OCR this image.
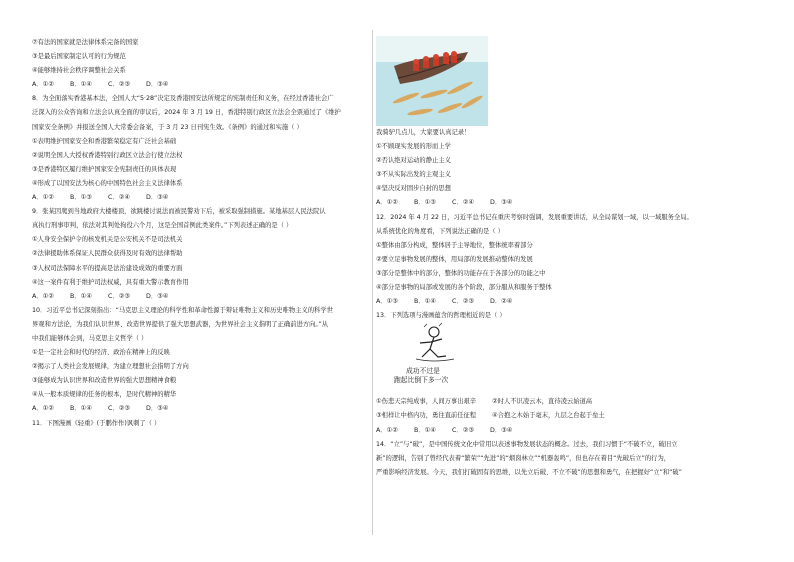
⑦有法的国家就是法律体系完备的国家
③是最后国家制定认可的行为规范
④能够维持社会秩序调整社会关系
A．①②	B．①④	C．②③	D．③④
8．为全面落实香港基本法，全国人大“5·28”决定及香港国安法所规定的宪制责任和义务，在经过香港社会广
泛深入的公众咨询和立法会认真全面的审议后，2024 年 3 月 19 日，香港特别行政区立法会全票通过了《维护
国家安全条例》并报送全国人大常委会备案，于 3 月 23 日刊宪生效。《条例》的通过和实施（ ）
①表明维护国家安全和香港繁荣稳定有广泛社会基础
②说明全国人大授权香港特别行政区立法会行使立法权
③是香港特区履行维护国家安全宪制责任的具体表现
④形成了以国安法为核心的中国特色社会主义法律体系
A．①②	B．①③	C．②④	D．③④
9．张某因爬到当地政府大楼楼顶，欲跳楼讨说法而被民警劝下后，被采取强制措施。某地基层人民法院认
真执行刑事审判，依法对其判处拘役六个月，这是全国首例此类案件。”下列表述正确的是（ ）
①人身安全保护令的核发机关是公安机关不是司法机关
②法律援助体系保证人民群众获得及时有效的法律帮助
③人权司法保障水平的提高是法治建设成效的重要方面
④这一案件有利于维护司法权威，具有重大警示教育作用
A．①②	B．①④	C．②③	D．③④
10．习近平总书记深刻指出：“马克思主义理论的科学性和革命性源于辩证唯物主义和历史唯物主义的科学世
界观和方法论，为我们认识世界、改造世界提供了强大思想武器，为世界社会主义指明了正确前进方向。”从
中我们能够体会到，马克思主义哲学（ ）
①是一定社会和时代的经济、政治在精神上的反映
②揭示了人类社会发展规律，为建立理想社会指明了方向
③能够成为认识世界和改造世界的强大思想精神食粮
④从一般本质规律的任务的根本，是时代精神的精华
A．①②	B．①④	C．②③	D．③④
11．下图漫画《轻重》(于鹏作作)讽刺了（ ）
我骑驴几点儿，大家要认真记录！
①不顾现实发展的形而上学
②否认绝对运动的静止主义
③不从实际出发的主观主义
④坚决反对固步自封的思想
A．①②	B．①③	C．②④	D．③④
12．2024 年 4 月 22 日，习近平总书记在重庆考察时强调，发展重要讲话，从全局谋划一域，以一域服务全局。
从系统优化的角度看，下列说法正确的是（ ）
①整体由部分构成，整体居于主导地位，整体统率着部分
②要立足事物发展的整体，用局部的发展推动整体的发展
③部分是整体中的部分，整体的功能存在于各部分的功能之中
④部分是事物的局部或发展的各个阶段，部分服从和服务于整体
A．①③	B．①④	C．②③	D．②④
13．下列选项与漫画蕴含的哲理相近的是（ ）
成功不过是
跑起比倒下多一次
①伤悲天宗纯成事，人间万事出艰辛	②时人不识凌云木，直待凌云始道高
③相样让中格内功，勇往直前任征程	④合抱之木始于毫末，九层之台起于垒土
A．①②	B．①④	C．②③	D．③④
14．“立”与“破”，是中国传统文化中常用以表述事物发展状态的概念。过去，我们习惯于“不破不立，破旧立
新”的逻辑，告别了曾经代表着“繁荣”“先进”的“烟囱林立”“机器轰鸣”，但也存在着目“先破后立”的行为，
严重影响经济发展。今天，我们打破固有的思维，以先立后破、不立不破”的思想和勇气，在把握好“立”和“破”
